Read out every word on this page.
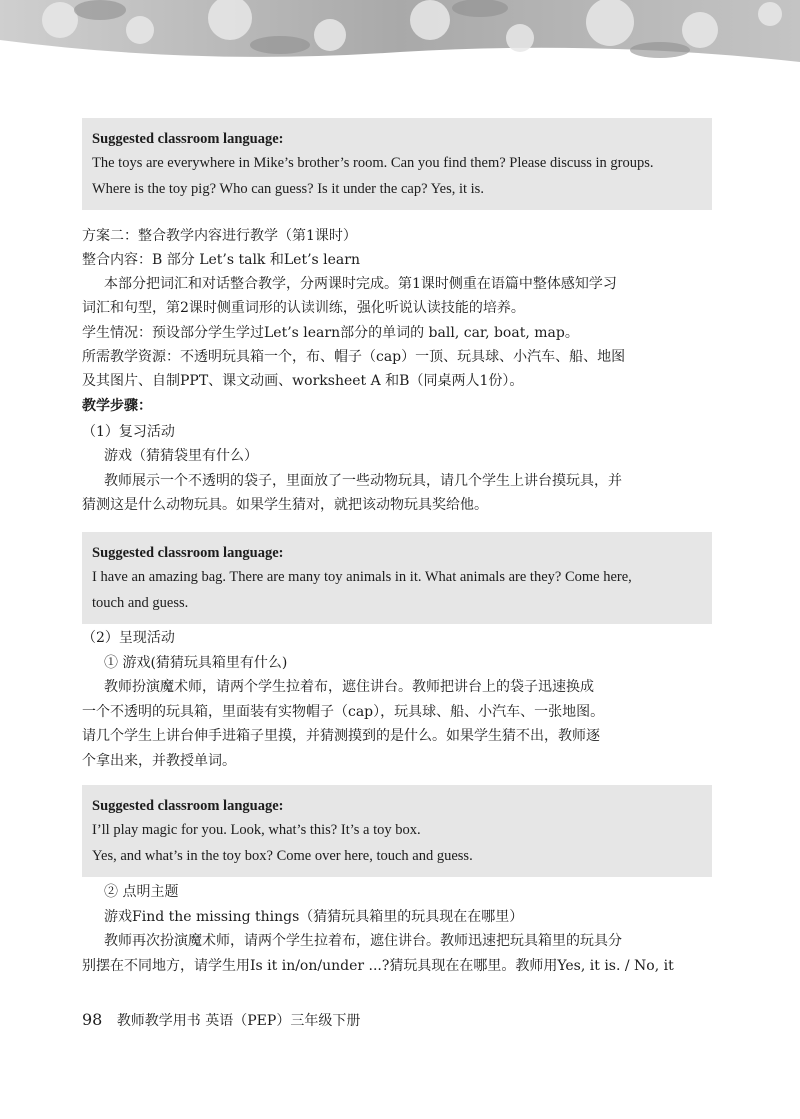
Suggested classroom language:
The toys are everywhere in Mike’s brother’s room. Can you find them? Please discuss in groups.
Where is the toy pig? Who can guess? Is it under the cap? Yes, it is.
方案二：整合教学内容进行教学（第1课时）
整合内容：B 部分 Let’s talk 和Let’s learn
本部分把词汇和对话整合教学，分两课时完成。第1课时侧重在语篇中整体感知学习
词汇和句型，第2课时侧重词形的认读训练，强化听说认读技能的培养。
学生情况：预设部分学生学过Let’s learn部分的单词的 ball, car, boat, map。
所需教学资源：不透明玩具箱一个，布、帽子（cap）一顶、玩具球、小汽车、船、地图
及其图片、自制PPT、课文动画、worksheet A 和B（同桌两人1份）。
教学步骤：
（1）复习活动
游戏（猜猜袋里有什么）
教师展示一个不透明的袋子，里面放了一些动物玩具，请几个学生上讲台摸玩具，并
猜测这是什么动物玩具。如果学生猜对，就把该动物玩具奖给他。
Suggested classroom language:
I have an amazing bag. There are many toy animals in it. What animals are they? Come here,
touch and guess.
（2）呈现活动
① 游戏(猜猜玩具箱里有什么)
教师扮演魔术师，请两个学生拉着布，遮住讲台。教师把讲台上的袋子迅速换成
一个不透明的玩具箱，里面装有实物帽子（cap），玩具球、船、小汽车、一张地图。
请几个学生上讲台伸手进箱子里摸，并猜测摸到的是什么。如果学生猜不出，教师逐
个拿出来，并教授单词。
Suggested classroom language:
I’ll play magic for you. Look, what’s this? It’s a toy box.
Yes, and what’s in the toy box? Come over here, touch and guess.
② 点明主题
游戏Find the missing things（猜猜玩具箱里的玩具现在在哪里）
教师再次扮演魔术师，请两个学生拉着布，遮住讲台。教师迅速把玩具箱里的玩具分
别摆在不同地方，请学生用Is it in/on/under ...?猜玩具现在在哪里。教师用Yes, it is. / No, it
98 教师教学用书 英语（PEP）三年级下册
